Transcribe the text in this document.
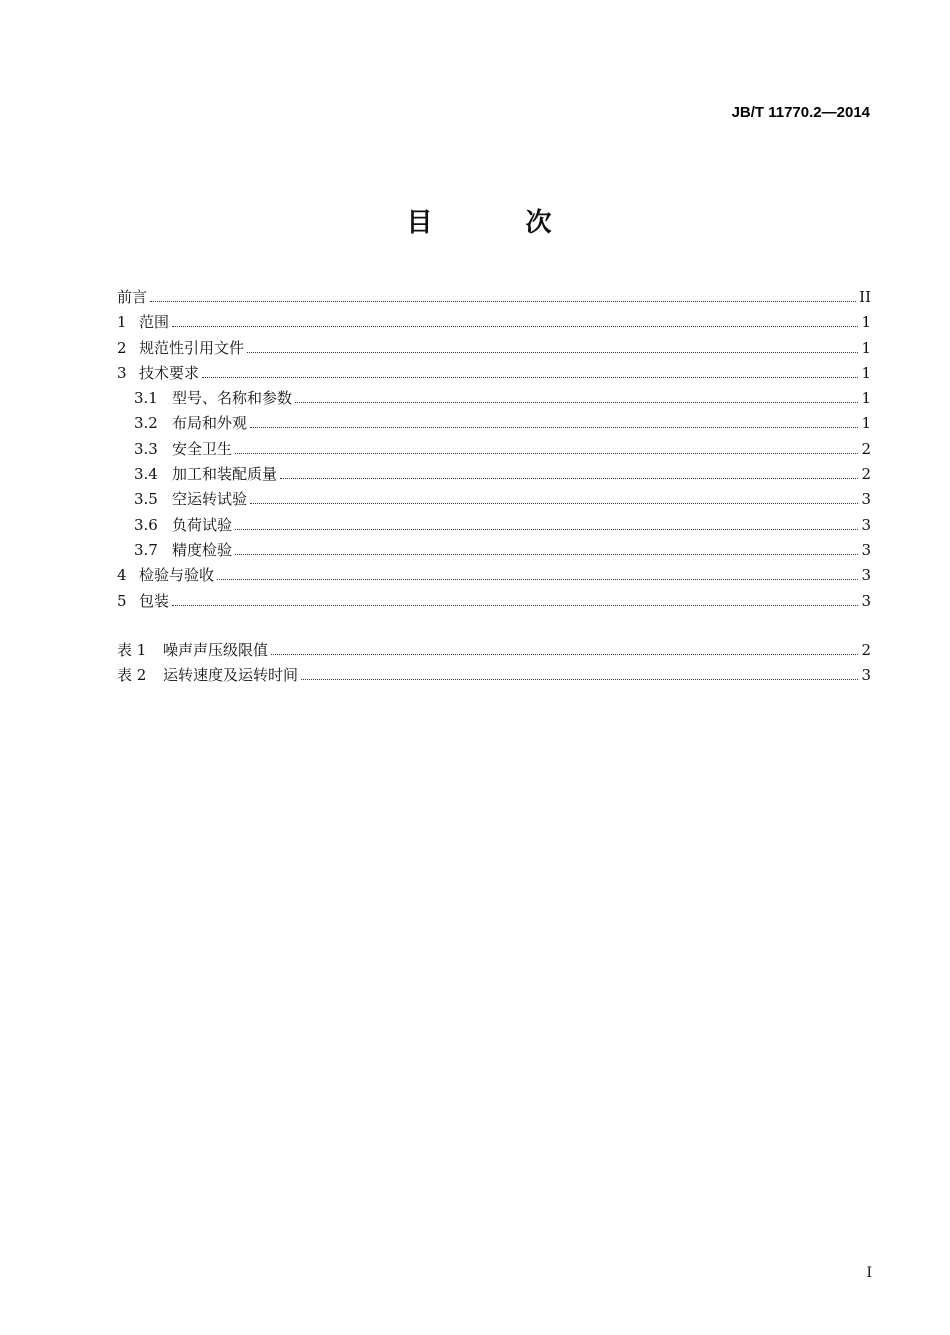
JB/T 11770.2—2014
目 次
前言	II
1 范围	1
2 规范性引用文件	1
3 技术要求	1
3.1 型号、名称和参数	1
3.2 布局和外观	1
3.3 安全卫生	2
3.4 加工和装配质量	2
3.5 空运转试验	3
3.6 负荷试验	3
3.7 精度检验	3
4 检验与验收	3
5 包装	3
表 1	噪声声压级限值	2
表 2	运转速度及运转时间	3
I
